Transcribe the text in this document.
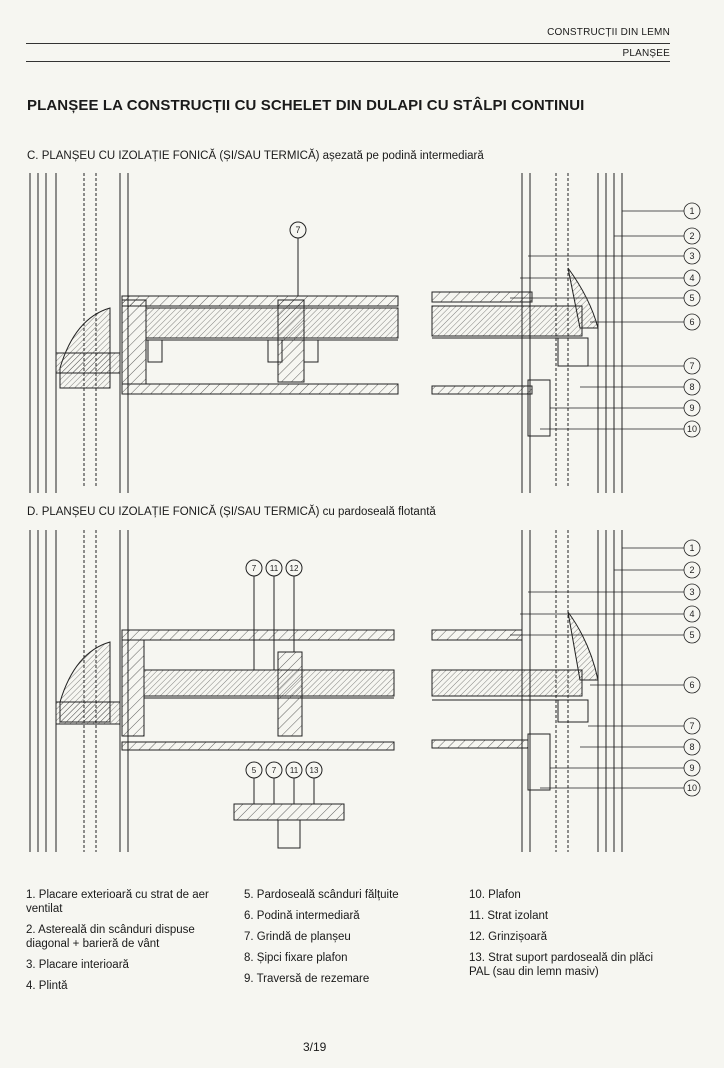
CONSTRUCȚII DIN LEMN
PLANȘEE
PLANȘEE LA CONSTRUCȚII CU SCHELET DIN DULAPI CU STÂLPI CONTINUI
C. PLANȘEU CU IZOLAȚIE FONICĂ (ȘI/SAU TERMICĂ) așezată pe podină intermediară
7
1
2
3
4
5
6
7
8
9
10
D. PLANȘEU CU IZOLAȚIE FONICĂ (ȘI/SAU TERMICĂ) cu pardoseală flotantă
7 11 12
5 7 11 13
1
2
3
4
5
6
7
8
9
10
1. Placare exterioară cu strat de aer ventilat
2. Astereală din scânduri dispuse diagonal + barieră de vânt
3. Placare interioară
4. Plintă
5. Pardoseală scânduri fălțuite
6. Podină intermediară
7. Grindă de planșeu
8. Șipci fixare plafon
9. Traversă de rezemare
10. Plafon
11. Strat izolant
12. Grinzișoară
13. Strat suport pardoseală din plăci PAL (sau din lemn masiv)
3/19
